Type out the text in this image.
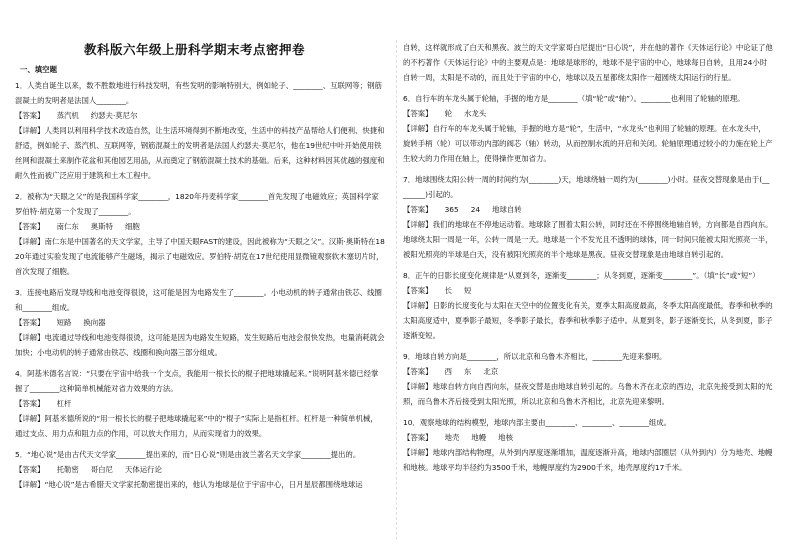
教科版六年级上册科学期末考点密押卷
一、填空题

1．人类自诞生以来，数不胜数地进行科技发明，有些发明的影响特别大，例如轮子、________、互联网等；钢筋混凝土的发明者是法国人________。

【答案】 蒸汽机 约瑟夫·莫尼尔

【详解】人类同以利用科学技术改造自然，让生活环境得到不断地改变，生活中的科技产品帮给人们便利、快捷和舒适，例如轮子、蒸汽机、互联网等，钢筋混凝土的发明者是法国人约瑟夫·莫尼尔，他在19世纪中叶开始使用铁丝网和混凝土来制作花盆和其他园艺用品，从而奠定了钢筋混凝土技术的基础。后来，这种材料因其优越的强度和耐久性而被广泛应用于建筑和土木工程中。

2．被称为“天眼之父”的是我国科学家________，1820年丹麦科学家________首先发现了电磁效应；英国科学家罗伯特·胡克第一个发现了________。

【答案】 南仁东 奥斯特 细胞

【详解】南仁东是中国著名的天文学家，主导了中国天眼FAST的建设，因此被称为“天眼之父”。汉斯·奥斯特在1820年通过实验发现了电流能够产生磁场，揭示了电磁效应。罗伯特·胡克在17世纪使用显微镜观察软木塞切片时，首次发现了细胞。

3．连接电路后发现导线和电池变得很烫，这可能是因为电路发生了________。小电动机的转子通常由铁芯、线圈和________组成。

【答案】 短路 换向器

【详解】电流通过导线和电池变得很烫，这可能是因为电路发生短路，发生短路后电池会很快发热，电量消耗就会加快；小电动机的转子通常由铁芯、线圈和换向器三部分组成。

4．阿基米德名言说：“只要在宇宙中给我一个支点，我能用一根长长的棍子把地球撬起来。”说明阿基米德已经掌握了________这种简单机械能对省力效果的方法。

【答案】 杠杆

【详解】阿基米德所说的“用一根长长的棍子把地球撬起来”中的“棍子”实际上是指杠杆。杠杆是一种简单机械，通过支点、用力点和阻力点的作用，可以放大作用力，从而实现省力的效果。

5．“地心说”是由古代天文学家________提出来的，而“日心说”则是由波兰著名天文学家________提出的。

【答案】 托勒密 哥白尼 天体运行论

【详解】“地心说”是古希腊天文学家托勒密提出来的，他认为地球是位于宇宙中心，日月星辰都围绕地球运

自转，这样就形成了白天和黑夜。波兰的天文学家哥白尼提出“日心说”，并在他的著作《天体运行论》中论证了他的不朽著作《天体运行论》中的主要观点是：地球是球形的，地球不是宇宙的中心，地球每日自转，且用24小时自转一周，太阳是不动的，而且处于宇宙的中心，地球以及五星都绕太阳作一超圆绕太阳运行的行星。

6．自行车的车龙头属于轮轴，手握的地方是________（填“轮”或“轴”）。________也利用了轮轴的原理。

【答案】 轮 水龙头

【详解】自行车的车龙头属于轮轴，手握的地方是“轮”，生活中，“水龙头”也利用了轮轴的原理。在水龙头中，旋转手柄（轮）可以带动内部的阀芯（轴）转动，从而控制水流的开启和关闭。轮轴原理通过较小的力施在轮上产生较大的力作用在轴上，使得操作更加省力。

7．地球围绕太阳公转一周的时间约为(________)天，地球绕轴一周约为(________)小时。昼夜交替现象是由于(________)引起的。

【答案】 365 24 地球自转

【详解】我们的地球在不停地运动着。地球除了围着太阳公转，同时还在不停围绕地轴自转，方向都是自西向东。地球绕太阳一周是一年，公转一周是一天。地球是一个不发光且不透明的球体，同一时间只能被太阳光照亮一半，被阳光照亮的半球是白天，没有被阳光照亮的半个地球是黑夜。昼夜交替现象是由地球自转引起的。

8．正午的日影长度变化规律是“从夏到冬，逐渐变________；从冬到夏，逐渐变________”。（填“长”或“短”）

【答案】 长 短

【详解】日影的长度变化与太阳在天空中的位置变化有关，夏季太阳高度最高，冬季太阳高度最低，春季和秋季的太阳高度适中，夏季影子最短，冬季影子最长，春季和秋季影子适中。从夏到冬，影子逐渐变长，从冬到夏，影子逐渐变短。

9．地球自转方向是________，所以北京和乌鲁木齐相比，________先迎来黎明。

【答案】 西 东 北京

【详解】地球自转方向自西向东，昼夜交替是由地球自转引起的。乌鲁木齐在北京的西边，北京先接受到太阳的光照，而乌鲁木齐后接受到太阳光照，所以北京和乌鲁木齐相比，北京先迎来黎明。

10．观察地球的结构模型，地球内部主要由________、________、________组成。

【答案】 地壳 地幔 地核

【详解】地球内部结构物理，从外到内厚度逐渐增加，温度逐渐升高，地球内部圈层（从外到内）分为地壳、地幔和地核。地球平均半径约为3500千米，地幔厚度约为2900千米，地壳厚度约17千米。
